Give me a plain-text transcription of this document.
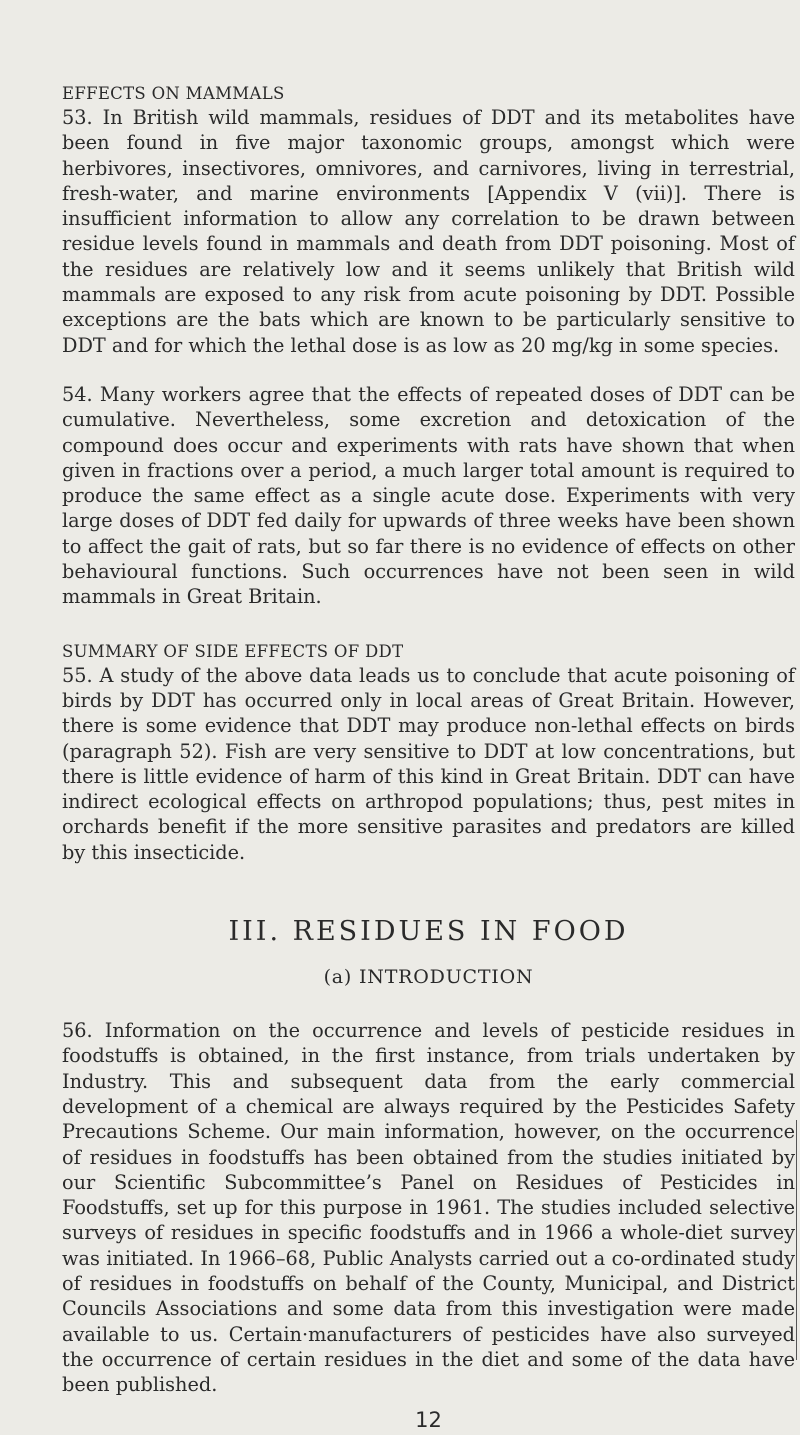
EFFECTS ON MAMMALS

53. In British wild mammals, residues of DDT and its metabolites have been found in five major taxonomic groups, amongst which were herbivores, insectivores, omnivores, and carnivores, living in terrestrial, fresh-water, and marine environments [Appendix V (vii)]. There is insufficient information to allow any correlation to be drawn between residue levels found in mammals and death from DDT poisoning. Most of the residues are relatively low and it seems unlikely that British wild mammals are exposed to any risk from acute poisoning by DDT. Possible exceptions are the bats which are known to be particularly sensitive to DDT and for which the lethal dose is as low as 20 mg/kg in some species.

54. Many workers agree that the effects of repeated doses of DDT can be cumulative. Nevertheless, some excretion and detoxication of the compound does occur and experiments with rats have shown that when given in fractions over a period, a much larger total amount is required to produce the same effect as a single acute dose. Experiments with very large doses of DDT fed daily for upwards of three weeks have been shown to affect the gait of rats, but so far there is no evidence of effects on other behavioural functions. Such occurrences have not been seen in wild mammals in Great Britain.

SUMMARY OF SIDE EFFECTS OF DDT

55. A study of the above data leads us to conclude that acute poisoning of birds by DDT has occurred only in local areas of Great Britain. However, there is some evidence that DDT may produce non-lethal effects on birds (paragraph 52). Fish are very sensitive to DDT at low concentrations, but there is little evidence of harm of this kind in Great Britain. DDT can have indirect ecological effects on arthropod populations; thus, pest mites in orchards benefit if the more sensitive parasites and predators are killed by this insecticide.

III. RESIDUES IN FOOD
(a) INTRODUCTION

56. Information on the occurrence and levels of pesticide residues in foodstuffs is obtained, in the first instance, from trials undertaken by Industry. This and subsequent data from the early commercial development of a chemical are always required by the Pesticides Safety Precautions Scheme. Our main information, however, on the occurrence of residues in foodstuffs has been obtained from the studies initiated by our Scientific Subcommittee’s Panel on Residues of Pesticides in Foodstuffs, set up for this purpose in 1961. The studies included selective surveys of residues in specific foodstuffs and in 1966 a whole-diet survey was initiated. In 1966–68, Public Analysts carried out a co-ordinated study of residues in foodstuffs on behalf of the County, Municipal, and District Councils Associations and some data from this investigation were made available to us. Certain·manufacturers of pesticides have also surveyed the occurrence of certain residues in the diet and some of the data have been published.

12
